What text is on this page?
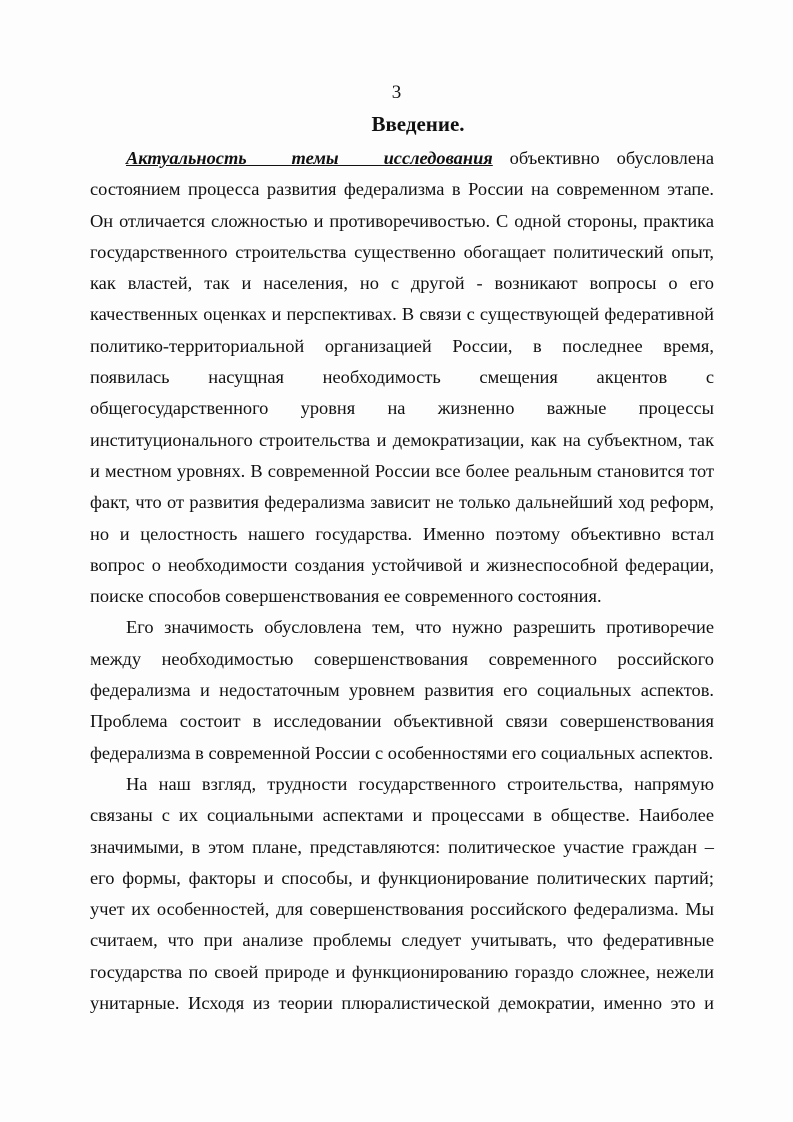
3
Введение.

Актуальность темы исследования объективно обусловлена состоянием процесса развития федерализма в России на современном этапе. Он отличается сложностью и противоречивостью. С одной стороны, практика государственного строительства существенно обогащает политический опыт, как властей, так и населения, но с другой - возникают вопросы о его качественных оценках и перспективах. В связи с существующей федеративной политико-территориальной организацией России, в последнее время, появилась насущная необходимость смещения акцентов с общегосударственного уровня на жизненно важные процессы институционального строительства и демократизации, как на субъектном, так и местном уровнях. В современной России все более реальным становится тот факт, что от развития федерализма зависит не только дальнейший ход реформ, но и целостность нашего государства. Именно поэтому объективно встал вопрос о необходимости создания устойчивой и жизнеспособной федерации, поиске способов совершенствования ее современного состояния.

Его значимость обусловлена тем, что нужно разрешить противоречие между необходимостью совершенствования современного российского федерализма и недостаточным уровнем развития его социальных аспектов. Проблема состоит в исследовании объективной связи совершенствования федерализма в современной России с особенностями его социальных аспектов.

На наш взгляд, трудности государственного строительства, напрямую связаны с их социальными аспектами и процессами в обществе. Наиболее значимыми, в этом плане, представляются: политическое участие граждан – его формы, факторы и способы, и функционирование политических партий; учет их особенностей, для совершенствования российского федерализма. Мы считаем, что при анализе проблемы следует учитывать, что федеративные государства по своей природе и функционированию гораздо сложнее, нежели унитарные. Исходя из теории плюралистической демократии, именно это и
